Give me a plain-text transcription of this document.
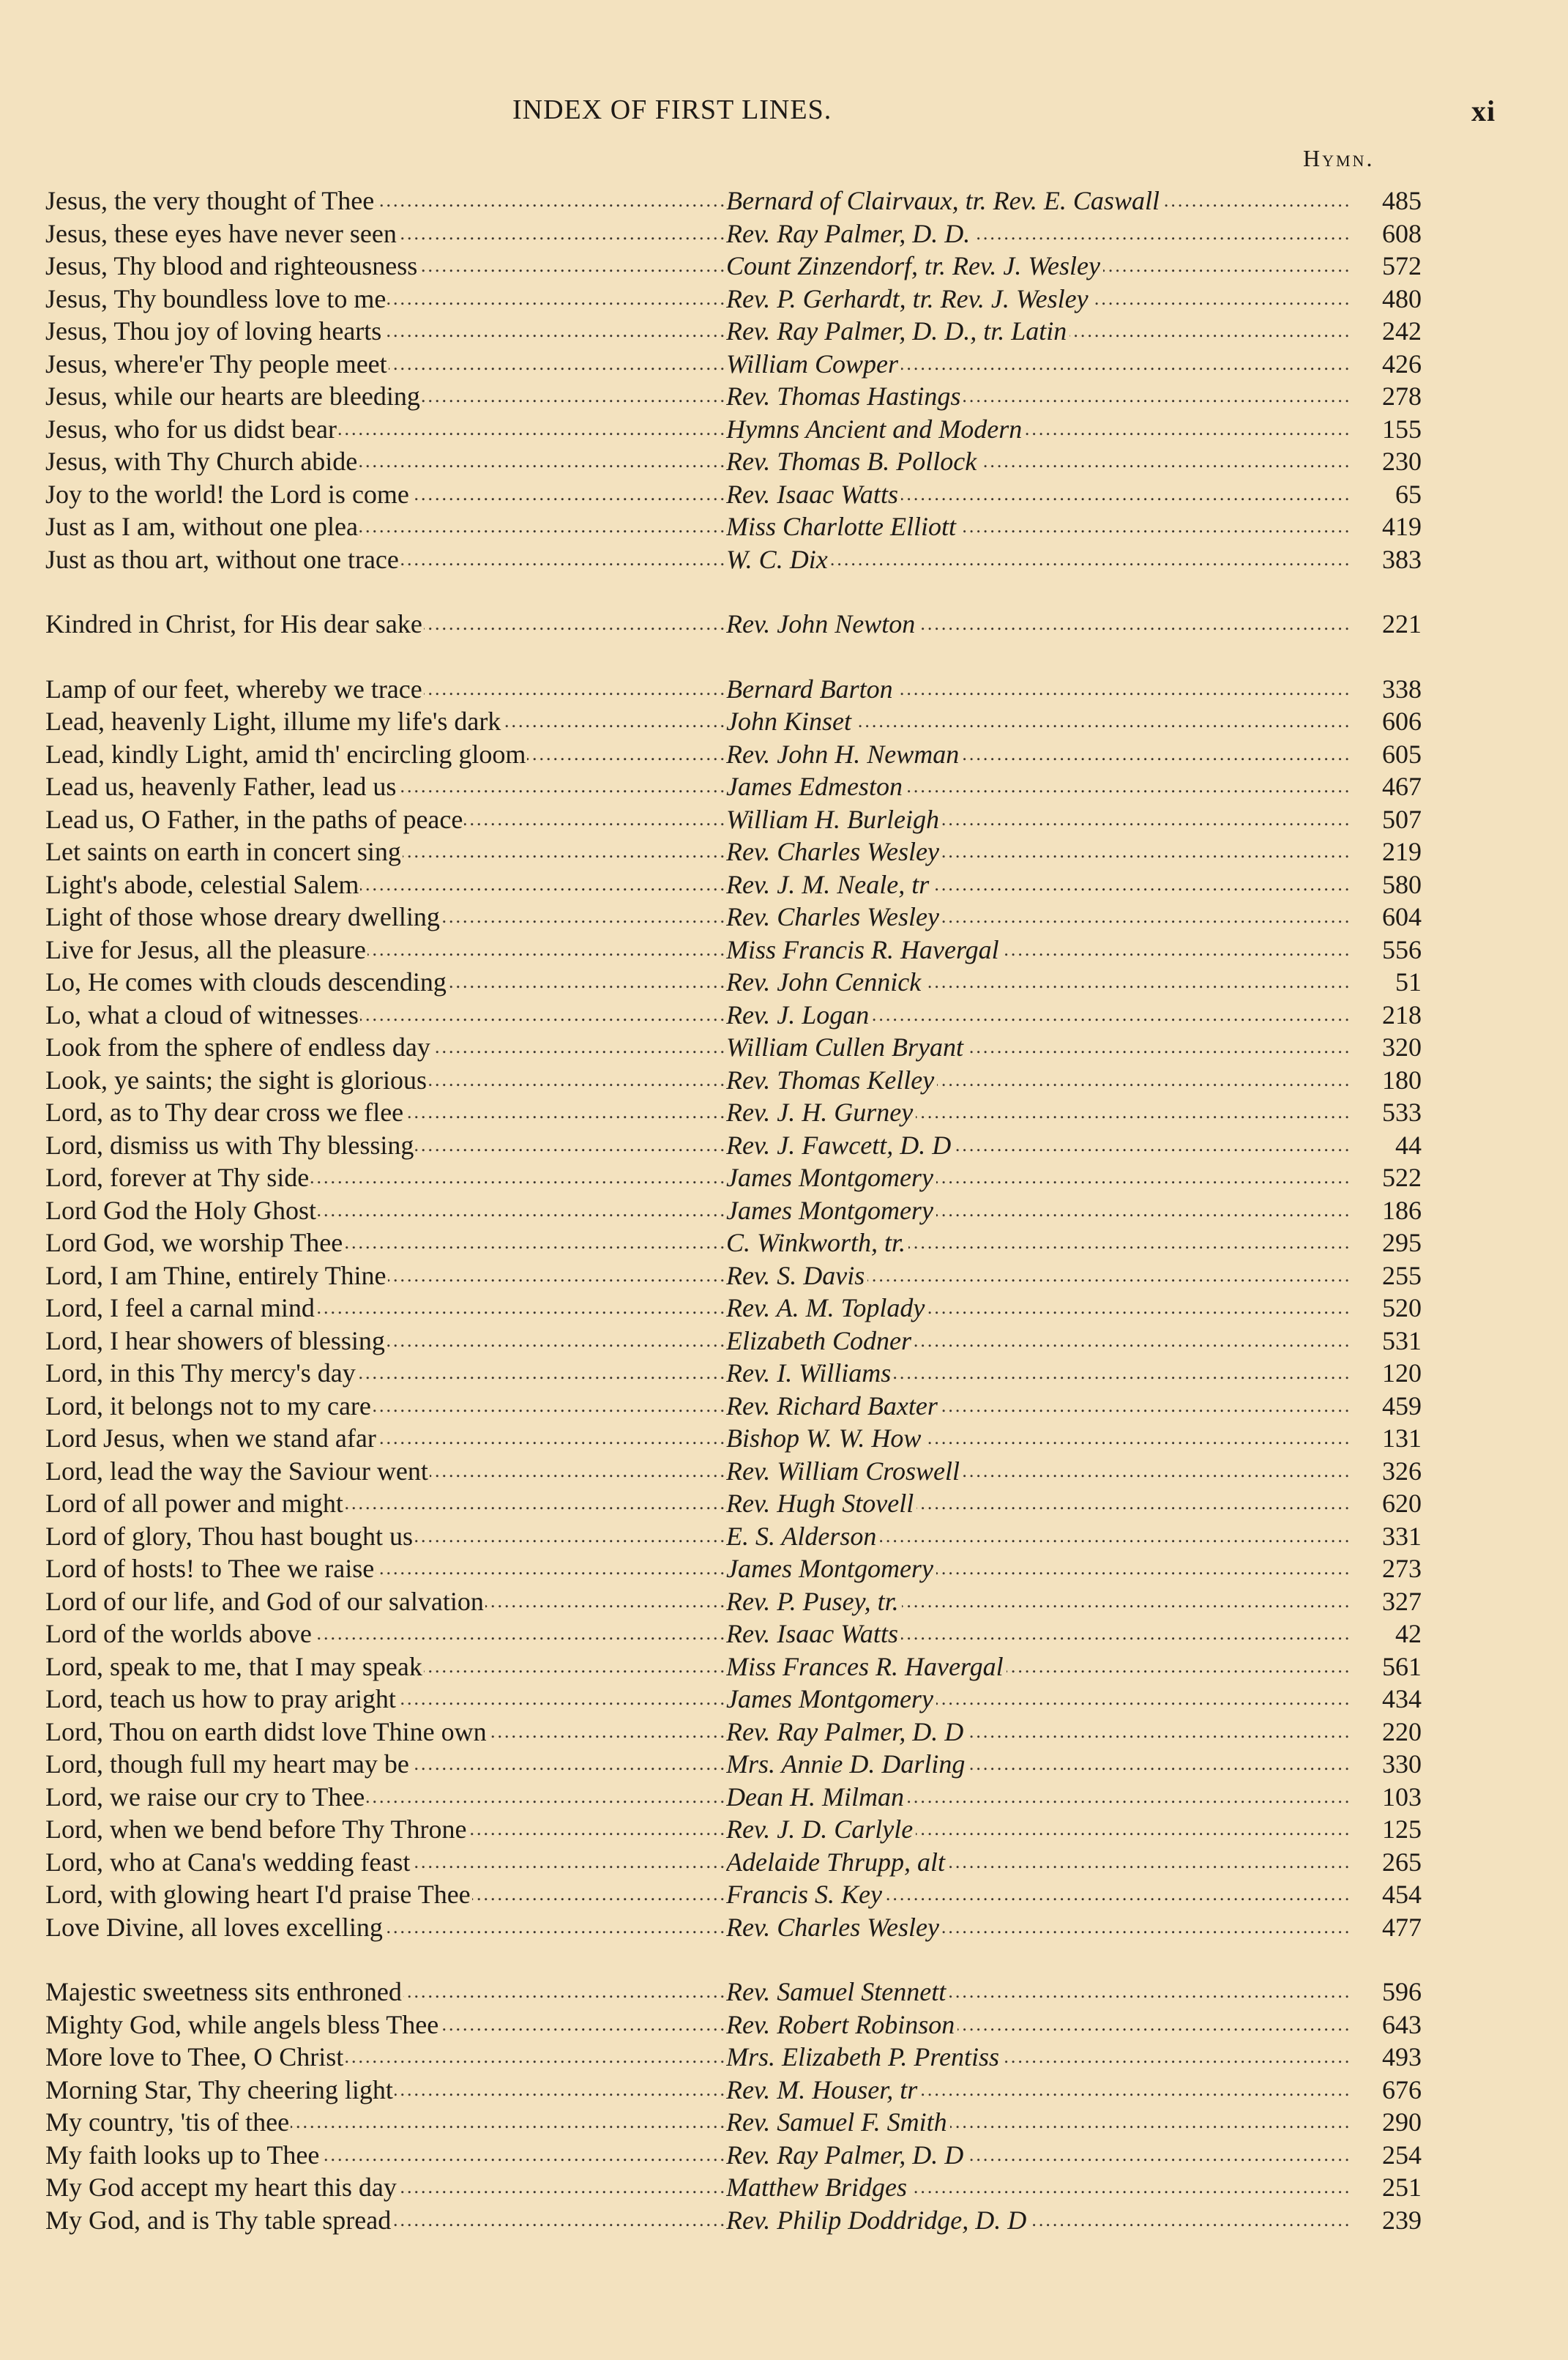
INDEX OF FIRST LINES.	xi
Hymn.
Jesus, the very thought of Thee .....	Bernard of Clairvaux, tr. Rev. E. Caswall .....	485
Jesus, these eyes have never seen .....	Rev. Ray Palmer, D. D. .....	608
Jesus, Thy blood and righteousness .....	Count Zinzendorf, tr. Rev. J. Wesley .....	572
Jesus, Thy boundless love to me .....	Rev. P. Gerhardt, tr. Rev. J. Wesley .....	480
Jesus, Thou joy of loving hearts .....	Rev. Ray Palmer, D. D., tr. Latin .....	242
Jesus, where'er Thy people meet .....	William Cowper .....	426
Jesus, while our hearts are bleeding .....	Rev. Thomas Hastings .....	278
Jesus, who for us didst bear .....	Hymns Ancient and Modern .....	155
Jesus, with Thy Church abide .....	Rev. Thomas B. Pollock .....	230
Joy to the world! the Lord is come .....	Rev. Isaac Watts .....	65
Just as I am, without one plea .....	Miss Charlotte Elliott .....	419
Just as thou art, without one trace .....	W. C. Dix .....	383
Kindred in Christ, for His dear sake .....	Rev. John Newton .....	221
Lamp of our feet, whereby we trace .....	Bernard Barton .....	338
Lead, heavenly Light, illume my life's dark .....	John Kinset .....	606
Lead, kindly Light, amid th' encircling gloom .....	Rev. John H. Newman .....	605
Lead us, heavenly Father, lead us .....	James Edmeston .....	467
Lead us, O Father, in the paths of peace .....	William H. Burleigh .....	507
Let saints on earth in concert sing .....	Rev. Charles Wesley .....	219
Light's abode, celestial Salem .....	Rev. J. M. Neale, tr .....	580
Light of those whose dreary dwelling .....	Rev. Charles Wesley .....	604
Live for Jesus, all the pleasure .....	Miss Francis R. Havergal .....	556
Lo, He comes with clouds descending .....	Rev. John Cennick .....	51
Lo, what a cloud of witnesses .....	Rev. J. Logan .....	218
Look from the sphere of endless day .....	William Cullen Bryant .....	320
Look, ye saints; the sight is glorious .....	Rev. Thomas Kelley .....	180
Lord, as to Thy dear cross we flee .....	Rev. J. H. Gurney .....	533
Lord, dismiss us with Thy blessing .....	Rev. J. Fawcett, D. D .....	44
Lord, forever at Thy side .....	James Montgomery .....	522
Lord God the Holy Ghost .....	James Montgomery .....	186
Lord God, we worship Thee .....	C. Winkworth, tr. .....	295
Lord, I am Thine, entirely Thine .....	Rev. S. Davis .....	255
Lord, I feel a carnal mind .....	Rev. A. M. Toplady .....	520
Lord, I hear showers of blessing .....	Elizabeth Codner .....	531
Lord, in this Thy mercy's day .....	Rev. I. Williams .....	120
Lord, it belongs not to my care .....	Rev. Richard Baxter .....	459
Lord Jesus, when we stand afar .....	Bishop W. W. How .....	131
Lord, lead the way the Saviour went .....	Rev. William Croswell .....	326
Lord of all power and might .....	Rev. Hugh Stovell .....	620
Lord of glory, Thou hast bought us .....	E. S. Alderson .....	331
Lord of hosts! to Thee we raise .....	James Montgomery .....	273
Lord of our life, and God of our salvation .....	Rev. P. Pusey, tr. .....	327
Lord of the worlds above .....	Rev. Isaac Watts .....	42
Lord, speak to me, that I may speak .....	Miss Frances R. Havergal .....	561
Lord, teach us how to pray aright .....	James Montgomery .....	434
Lord, Thou on earth didst love Thine own .....	Rev. Ray Palmer, D. D .....	220
Lord, though full my heart may be .....	Mrs. Annie D. Darling .....	330
Lord, we raise our cry to Thee .....	Dean H. Milman .....	103
Lord, when we bend before Thy Throne .....	Rev. J. D. Carlyle .....	125
Lord, who at Cana's wedding feast .....	Adelaide Thrupp, alt .....	265
Lord, with glowing heart I'd praise Thee .....	Francis S. Key .....	454
Love Divine, all loves excelling .....	Rev. Charles Wesley .....	477
Majestic sweetness sits enthroned .....	Rev. Samuel Stennett .....	596
Mighty God, while angels bless Thee .....	Rev. Robert Robinson .....	643
More love to Thee, O Christ .....	Mrs. Elizabeth P. Prentiss .....	493
Morning Star, Thy cheering light .....	Rev. M. Houser, tr .....	676
My country, 'tis of thee .....	Rev. Samuel F. Smith .....	290
My faith looks up to Thee .....	Rev. Ray Palmer, D. D .....	254
My God accept my heart this day .....	Matthew Bridges .....	251
My God, and is Thy table spread .....	Rev. Philip Doddridge, D. D .....	239
